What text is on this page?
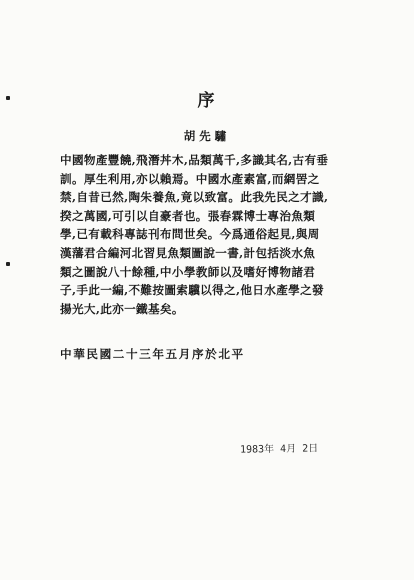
序
胡先驌
中國物產豐饒,飛潛丼木,品類萬千,多識其名,古有垂
訓。厚生利用,亦以賴焉。中國水產素富,而網罟之
禁,自昔已然,陶朱養魚,竟以致富。此我先民之才識,
揆之萬國,可引以自豪者也。張春霖博士專治魚類
學,已有載科專誌刊布問世矣。今爲通俗起見,與周
漢藩君合編河北習見魚類圖說一書,計包括淡水魚
類之圖說八十餘種,中小學教師以及嗜好博物諸君
子,手此一編,不難按圖索驥以得之,他日水產學之發
揚光大,此亦一鐵基矣。
中華民國二十三年五月序於北平
1983年 4月 2日
